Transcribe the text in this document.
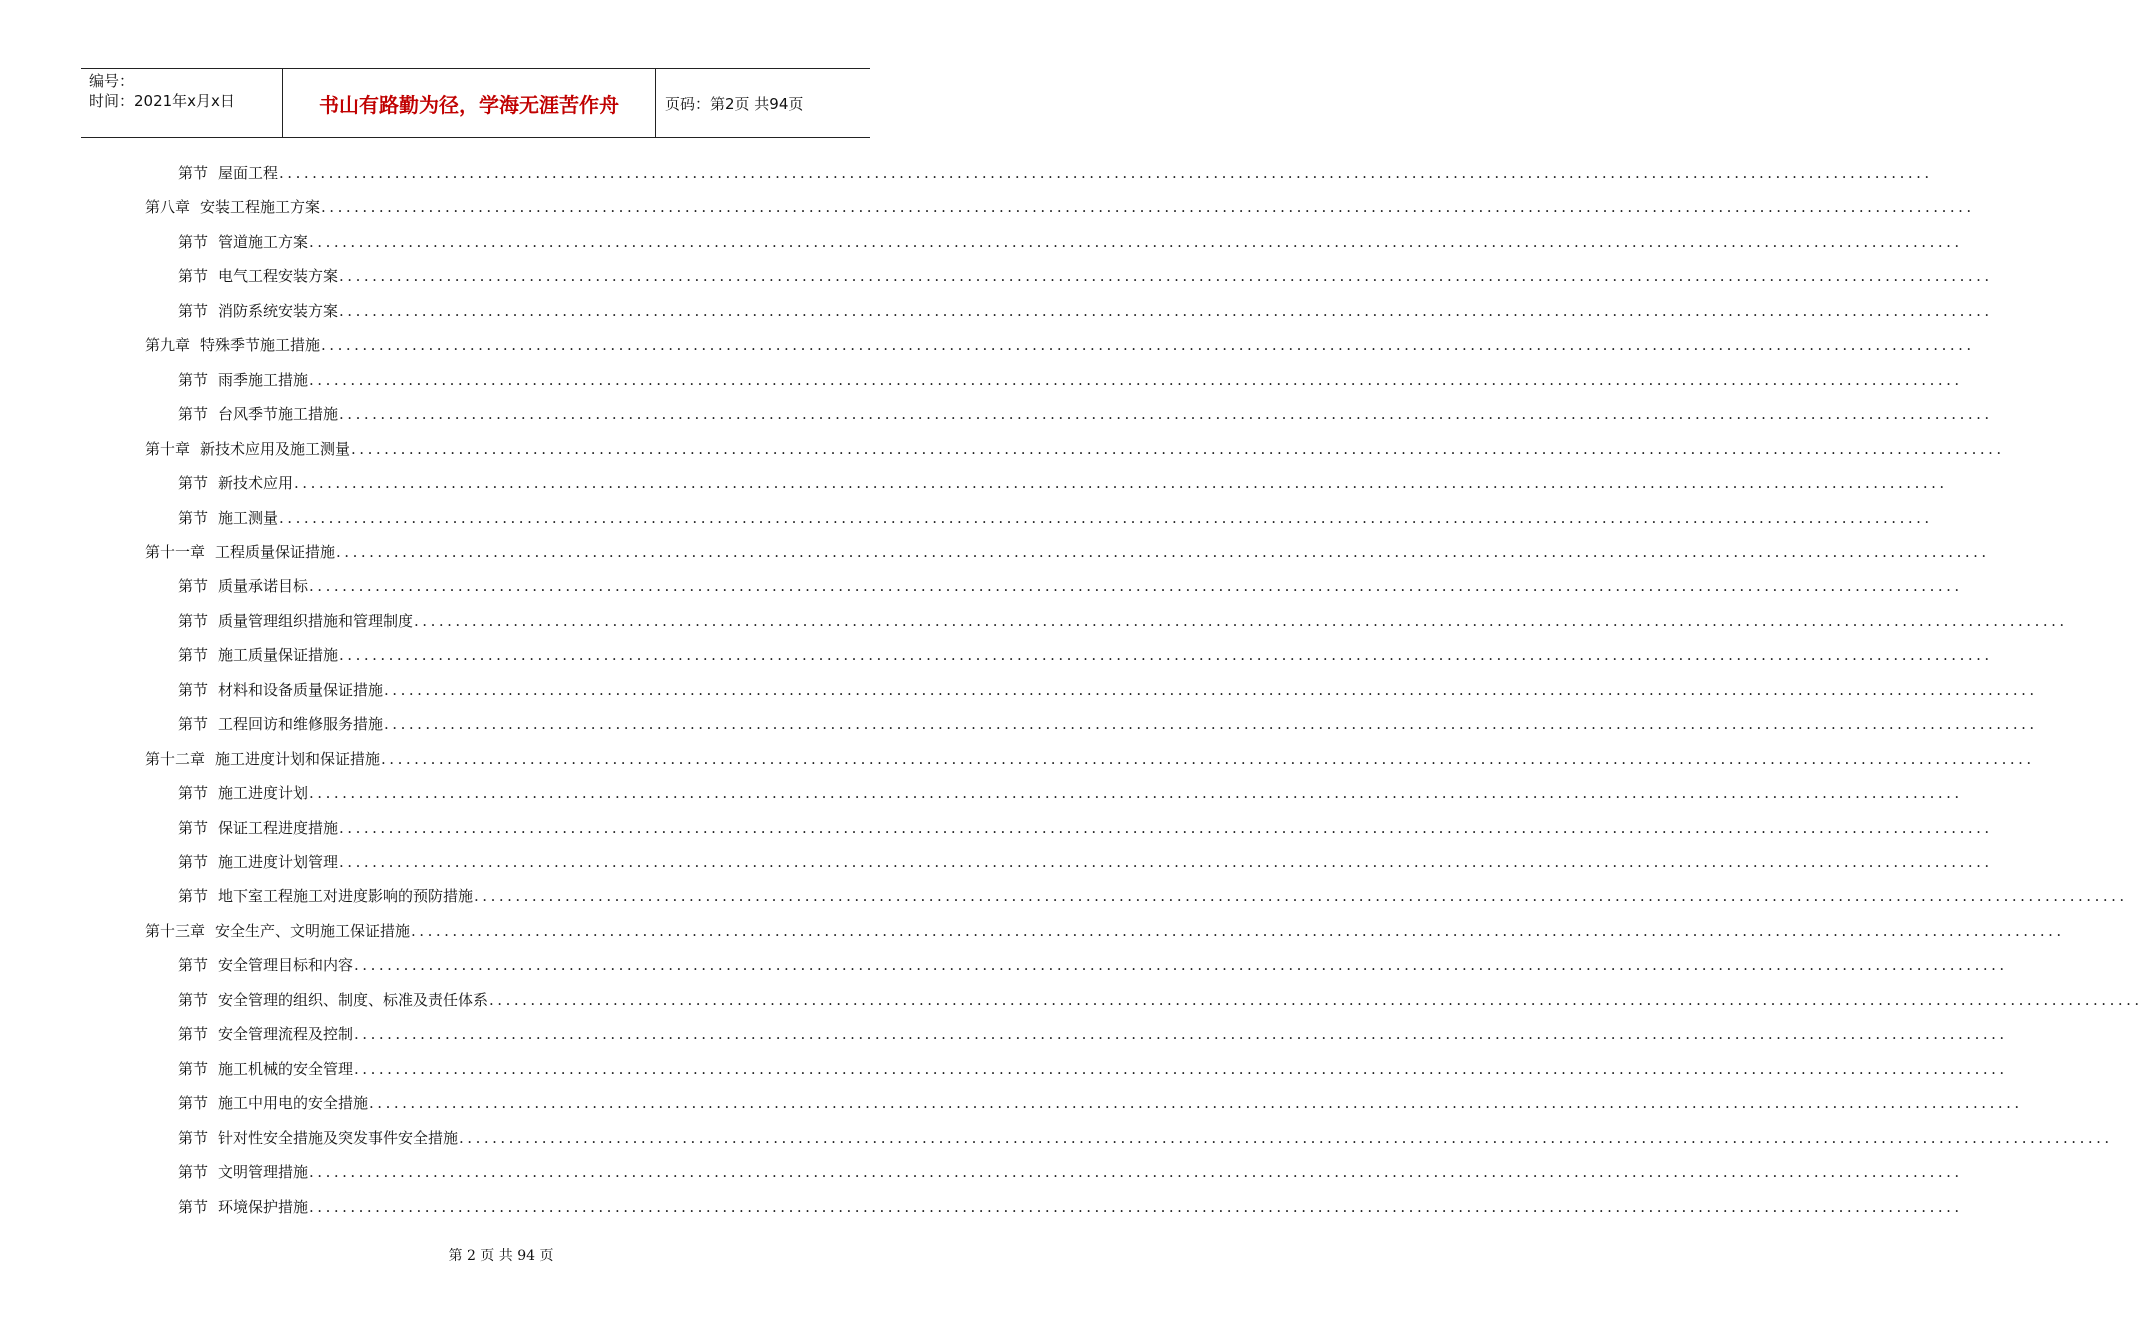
编号：
时间：2021年x月x日	书山有路勤为径，学海无涯苦作舟	页码：第2页 共94页
第节 屋面工程 ........................................................................................................................................................................................................
第八章 安装工程施工方案 ........................................................................................................................................................................................................
第节 管道施工方案 ........................................................................................................................................................................................................
第节 电气工程安装方案 ........................................................................................................................................................................................................
第节 消防系统安装方案 ........................................................................................................................................................................................................
第九章 特殊季节施工措施 ........................................................................................................................................................................................................
第节 雨季施工措施 ........................................................................................................................................................................................................
第节 台风季节施工措施 ........................................................................................................................................................................................................
第十章 新技术应用及施工测量 ........................................................................................................................................................................................................
第节 新技术应用 ........................................................................................................................................................................................................
第节 施工测量 ........................................................................................................................................................................................................
第十一章 工程质量保证措施 ........................................................................................................................................................................................................
第节 质量承诺目标 ........................................................................................................................................................................................................
第节 质量管理组织措施和管理制度 ........................................................................................................................................................................................................
第节 施工质量保证措施 ........................................................................................................................................................................................................
第节 材料和设备质量保证措施 ........................................................................................................................................................................................................
第节 工程回访和维修服务措施 ........................................................................................................................................................................................................
第十二章 施工进度计划和保证措施 ........................................................................................................................................................................................................
第节 施工进度计划 ........................................................................................................................................................................................................
第节 保证工程进度措施 ........................................................................................................................................................................................................
第节 施工进度计划管理 ........................................................................................................................................................................................................
第节 地下室工程施工对进度影响的预防措施 ........................................................................................................................................................................................................
第十三章 安全生产、文明施工保证措施 ........................................................................................................................................................................................................
第节 安全管理目标和内容 ........................................................................................................................................................................................................
第节 安全管理的组织、制度、标准及责任体系 ........................................................................................................................................................................................................
第节 安全管理流程及控制 ........................................................................................................................................................................................................
第节 施工机械的安全管理 ........................................................................................................................................................................................................
第节 施工中用电的安全措施 ........................................................................................................................................................................................................
第节 针对性安全措施及突发事件安全措施 ........................................................................................................................................................................................................
第节 文明管理措施 ........................................................................................................................................................................................................
第节 环境保护措施 ........................................................................................................................................................................................................
第 2 页 共 94 页
